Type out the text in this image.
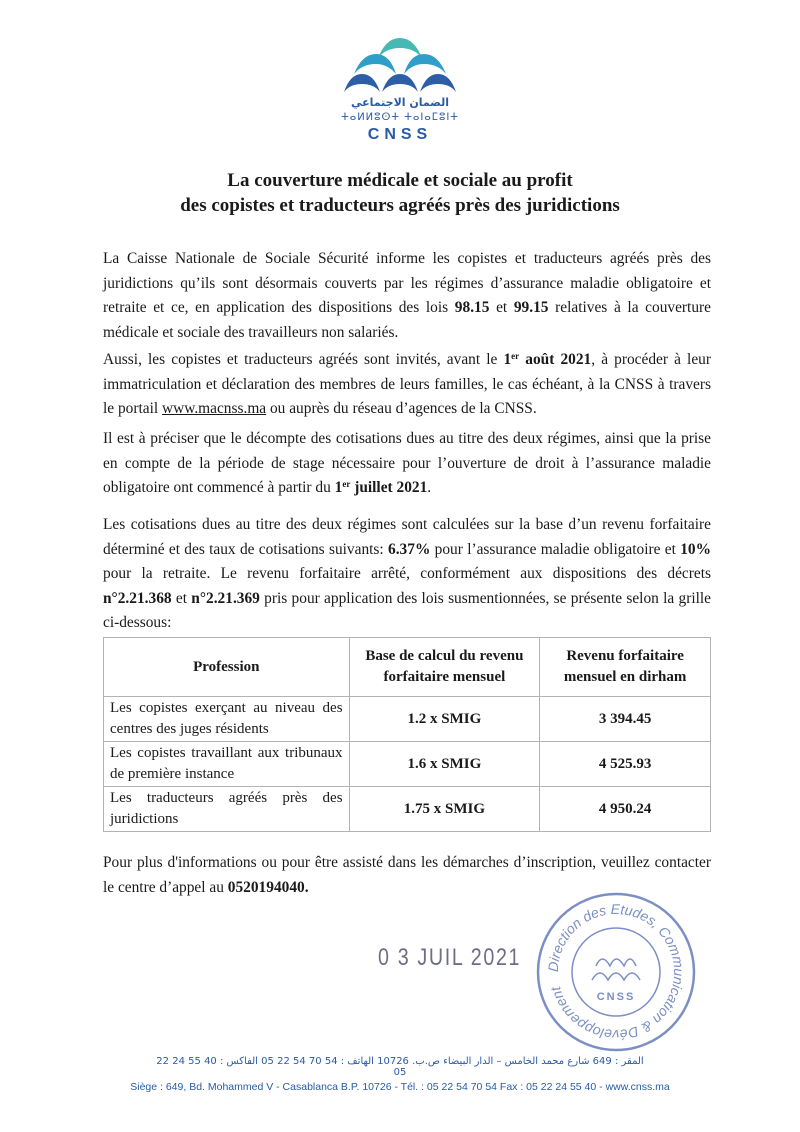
الضمان الاجتماعي
ⵜⴰⵍⵍⵓⵙⵜ ⵜⴰⵏⴰⵎⵓⵏⵜ
CNSS
La couverture médicale et sociale au profit
des copistes et traducteurs agréés près des juridictions
La Caisse Nationale de Sociale Sécurité informe les copistes et traducteurs agréés près des juridictions qu’ils sont désormais couverts par les régimes d’assurance maladie obligatoire et retraite et ce, en application des dispositions des lois 98.15 et 99.15 relatives à la couverture médicale et sociale des travailleurs non salariés.
Aussi, les copistes et traducteurs agréés sont invités, avant le 1er août 2021, à procéder à leur immatriculation et déclaration des membres de leurs familles, le cas échéant, à la CNSS à travers le portail www.macnss.ma ou auprès du réseau d’agences de la CNSS.
Il est à préciser que le décompte des cotisations dues au titre des deux régimes, ainsi que la prise en compte de la période de stage nécessaire pour l’ouverture de droit à l’assurance maladie obligatoire ont commencé à partir du 1er juillet 2021.
Les cotisations dues au titre des deux régimes sont calculées sur la base d’un revenu forfaitaire déterminé et des taux de cotisations suivants: 6.37% pour l’assurance maladie obligatoire et 10% pour la retraite. Le revenu forfaitaire arrêté, conformément aux dispositions des décrets n°2.21.368 et n°2.21.369 pris pour application des lois susmentionnées, se présente selon la grille ci-dessous:
Profession	Base de calcul du revenu forfaitaire mensuel	Revenu forfaitaire mensuel en dirham
Les copistes exerçant au niveau des centres des juges résidents	1.2 x SMIG	3 394.45
Les copistes travaillant aux tribunaux de première instance	1.6 x SMIG	4 525.93
Les traducteurs agréés près des juridictions	1.75 x SMIG	4 950.24
Pour plus d'informations ou pour être assisté dans les démarches d’inscription, veuillez contacter le centre d’appel au 0520194040.
0 3 JUIL 2021 Direction des Etudes, Communication & Développement
CNSS
المقر : 649 شارع محمد الخامس – الدار البيضاء ص.ب. 10726 الهاتف : 54 70 54 22 05 الفاكس : 40 55 24 22 05
Siège : 649, Bd. Mohammed V - Casablanca B.P. 10726 - Tél. : 05 22 54 70 54 Fax : 05 22 24 55 40 - www.cnss.ma
